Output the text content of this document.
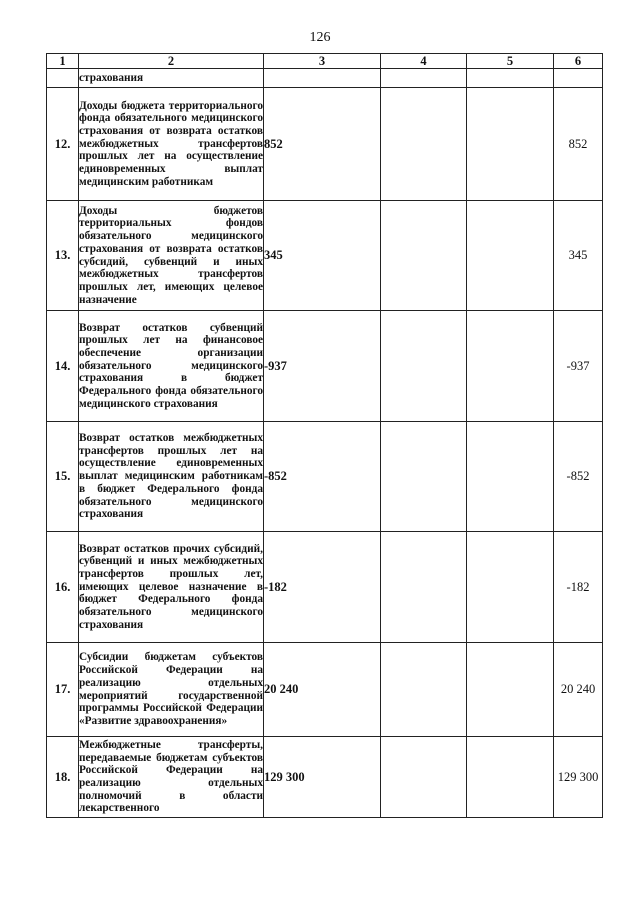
126
1	2	3	4	5	6
	страхования				
12.	Доходы бюджета территориального фонда обязательного медицинского страхования от возврата остатков межбюджетных трансфертов прошлых лет на осуществление единовременных выплат медицинским работникам	852			852
13.	Доходы бюджетов территориальных фондов обязательного медицинского страхования от возврата остатков субсидий, субвенций и иных межбюджетных трансфертов прошлых лет, имеющих целевое назначение	345			345
14.	Возврат остатков субвенций прошлых лет на финансовое обеспечение организации обязательного медицинского страхования в бюджет Федерального фонда обязательного медицинского страхования	-937			-937
15.	Возврат остатков межбюджетных трансфертов прошлых лет на осуществление единовременных выплат медицинским работникам в бюджет Федерального фонда обязательного медицинского страхования	-852			-852
16.	Возврат остатков прочих субсидий, субвенций и иных межбюджетных трансфертов прошлых лет, имеющих целевое назначение в бюджет Федерального фонда обязательного медицинского страхования	-182			-182
17.	Субсидии бюджетам субъектов Российской Федерации на реализацию отдельных мероприятий государственной программы Российской Федерации «Развитие здравоохранения»	20 240			20 240
18.	Межбюджетные трансферты, передаваемые бюджетам субъектов Российской Федерации на реализацию отдельных полномочий в области лекарственного	129 300			129 300
